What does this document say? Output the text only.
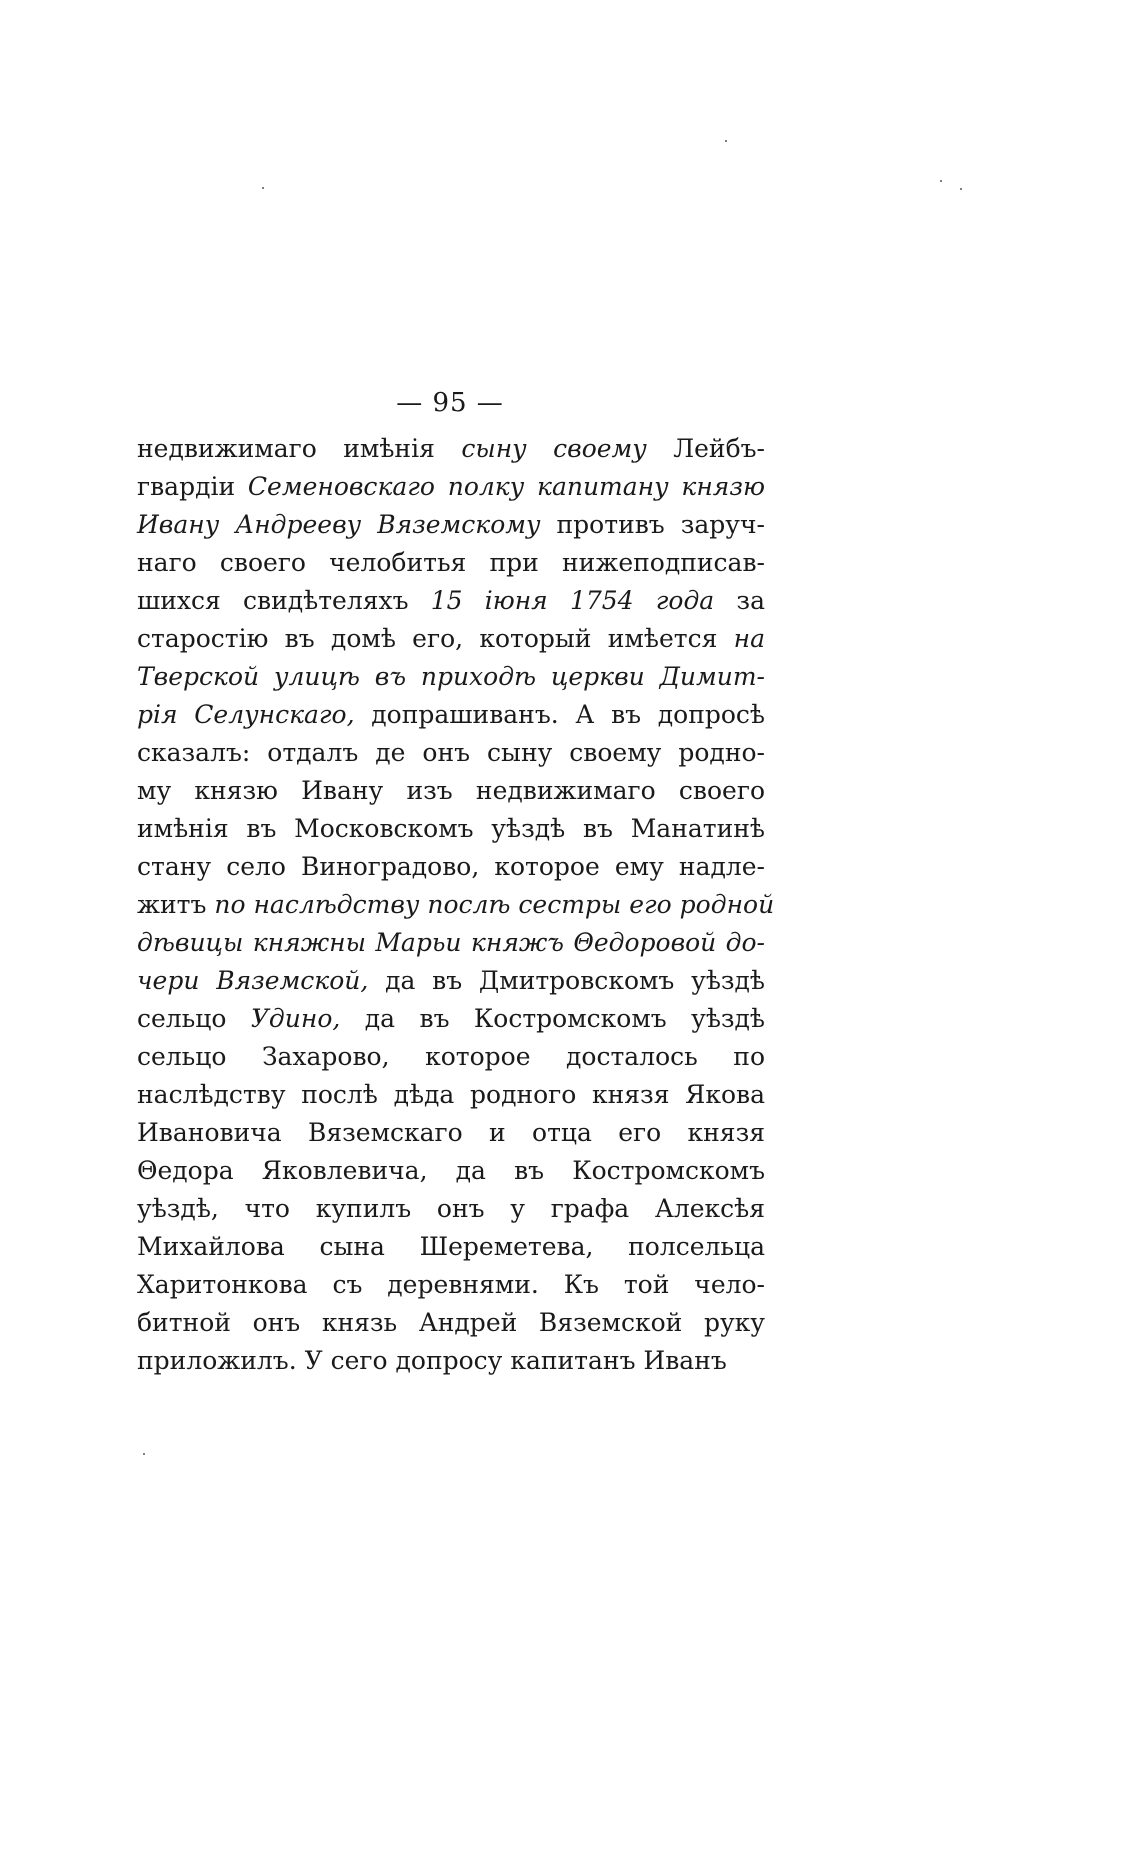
— 95 —
недвижимаго имѣнія сыну своему Лейбъ-
гвардіи Семеновскаго полку капитану князю
Ивану Андрееву Вяземскому противъ заруч-
наго своего челобитья при нижеподписав-
шихся свидѣтеляхъ 15 іюня 1754 года за
старостію въ домѣ его, который имѣется на
Тверской улицѣ въ приходѣ церкви Димит-
рія Селунскаго, допрашиванъ. А въ допросѣ
сказалъ: отдалъ де онъ сыну своему родно-
му князю Ивану изъ недвижимаго своего
имѣнія въ Московскомъ уѣздѣ въ Манатинѣ
стану село Виноградово, которое ему надле-
житъ по наслѣдству послѣ сестры его родной
дѣвицы княжны Марьи княжъ Θедоровой до-
чери Вяземской, да въ Дмитровскомъ уѣздѣ
сельцо Удино, да въ Костромскомъ уѣздѣ
сельцо Захарово, которое досталось по
наслѣдству послѣ дѣда родного князя Якова
Ивановича Вяземскаго и отца его князя
Θедора Яковлевича, да въ Костромскомъ
уѣздѣ, что купилъ онъ у графа Алексѣя
Михайлова сына Шереметева, полсельца
Харитонкова съ деревнями. Къ той чело-
битной онъ князь Андрей Вяземской руку
приложилъ. У сего допросу капитанъ Иванъ
